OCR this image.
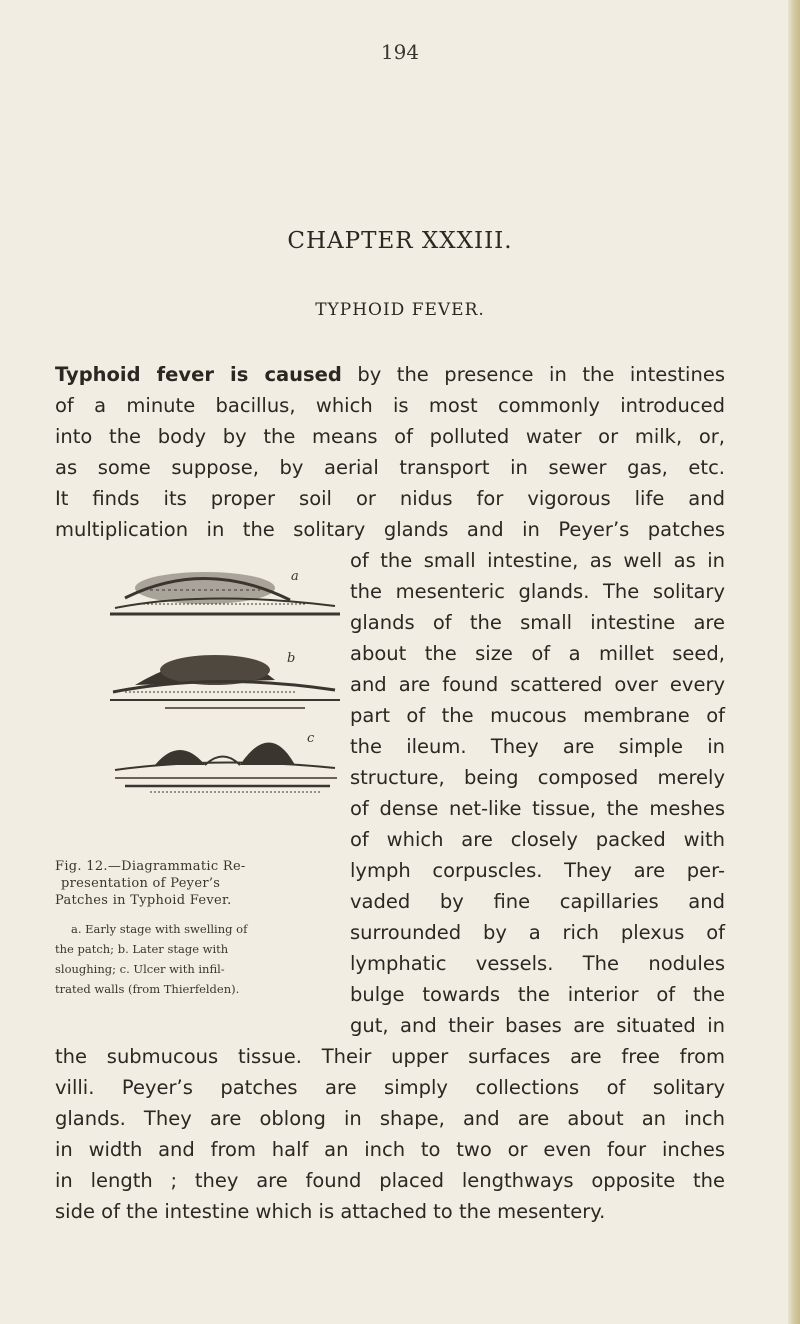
194
CHAPTER XXXIII.
TYPHOID FEVER.
Typhoid fever is caused by the presence in the intestines
of a minute bacillus, which is most commonly introduced
into the body by the means of polluted water or milk, or,
as some suppose, by aerial transport in sewer gas, etc.
It finds its proper soil or nidus for vigorous life and
multiplication in the solitary glands and in Peyer’s patches
of the small intestine, as well as in
the mesenteric glands. The solitary
glands of the small intestine are
about the size of a millet seed,
and are found scattered over every
part of the mucous membrane of
the ileum. They are simple in
structure, being composed merely
of dense net-like tissue, the meshes
of which are closely packed with
lymph corpuscles. They are per-
vaded by fine capillaries and
surrounded by a rich plexus of
lymphatic vessels. The nodules
bulge towards the interior of the
gut, and their bases are situated in
the submucous tissue. Their upper surfaces are free from
villi. Peyer’s patches are simply collections of solitary
glands. They are oblong in shape, and are about an inch
in width and from half an inch to two or even four inches
in length ; they are found placed lengthways opposite the
side of the intestine which is attached to the mesentery.
a
b
c
Fig. 12.—Diagrammatic Re-
presentation of Peyer’s
Patches in Typhoid Fever.
a. Early stage with swelling of
the patch; b. Later stage with
sloughing; c. Ulcer with infil-
trated walls (from Thierfelden).
